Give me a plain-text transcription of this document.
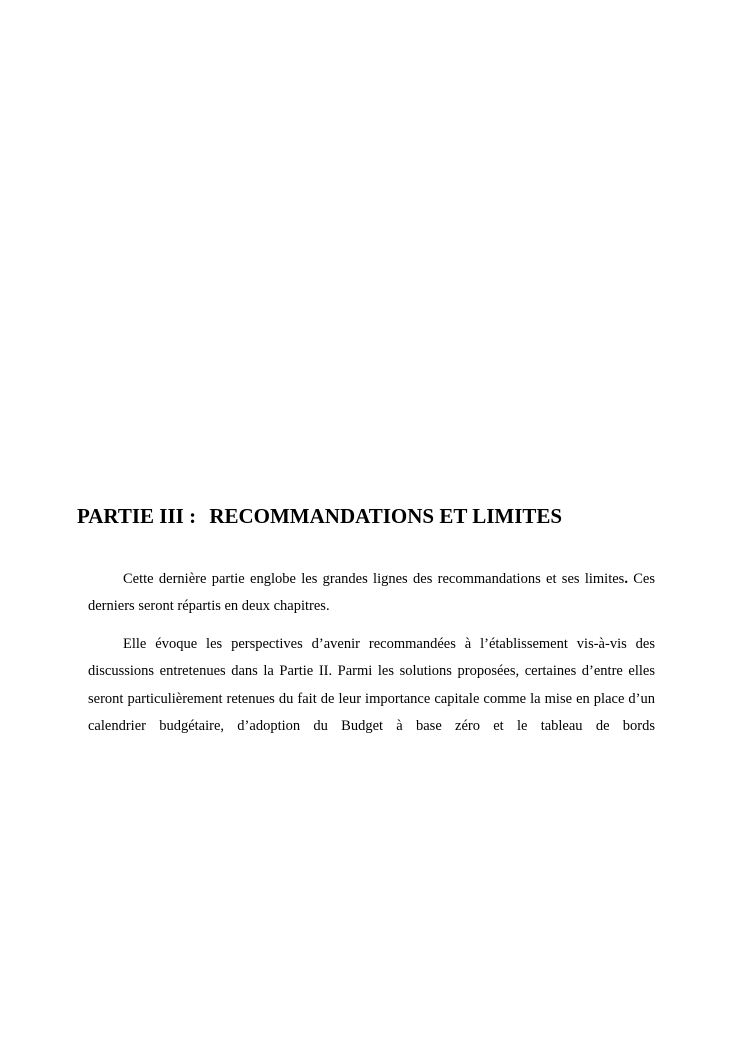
PARTIE III : RECOMMANDATIONS ET LIMITES

Cette dernière partie englobe les grandes lignes des recommandations et ses limites. Ces derniers seront répartis en deux chapitres.

Elle évoque les perspectives d’avenir recommandées à l’établissement vis-à-vis des discussions entretenues dans la Partie II. Parmi les solutions proposées, certaines d’entre elles seront particulièrement retenues du fait de leur importance capitale comme la mise en place d’un calendrier budgétaire, d’adoption du Budget à base zéro et le tableau de bords
